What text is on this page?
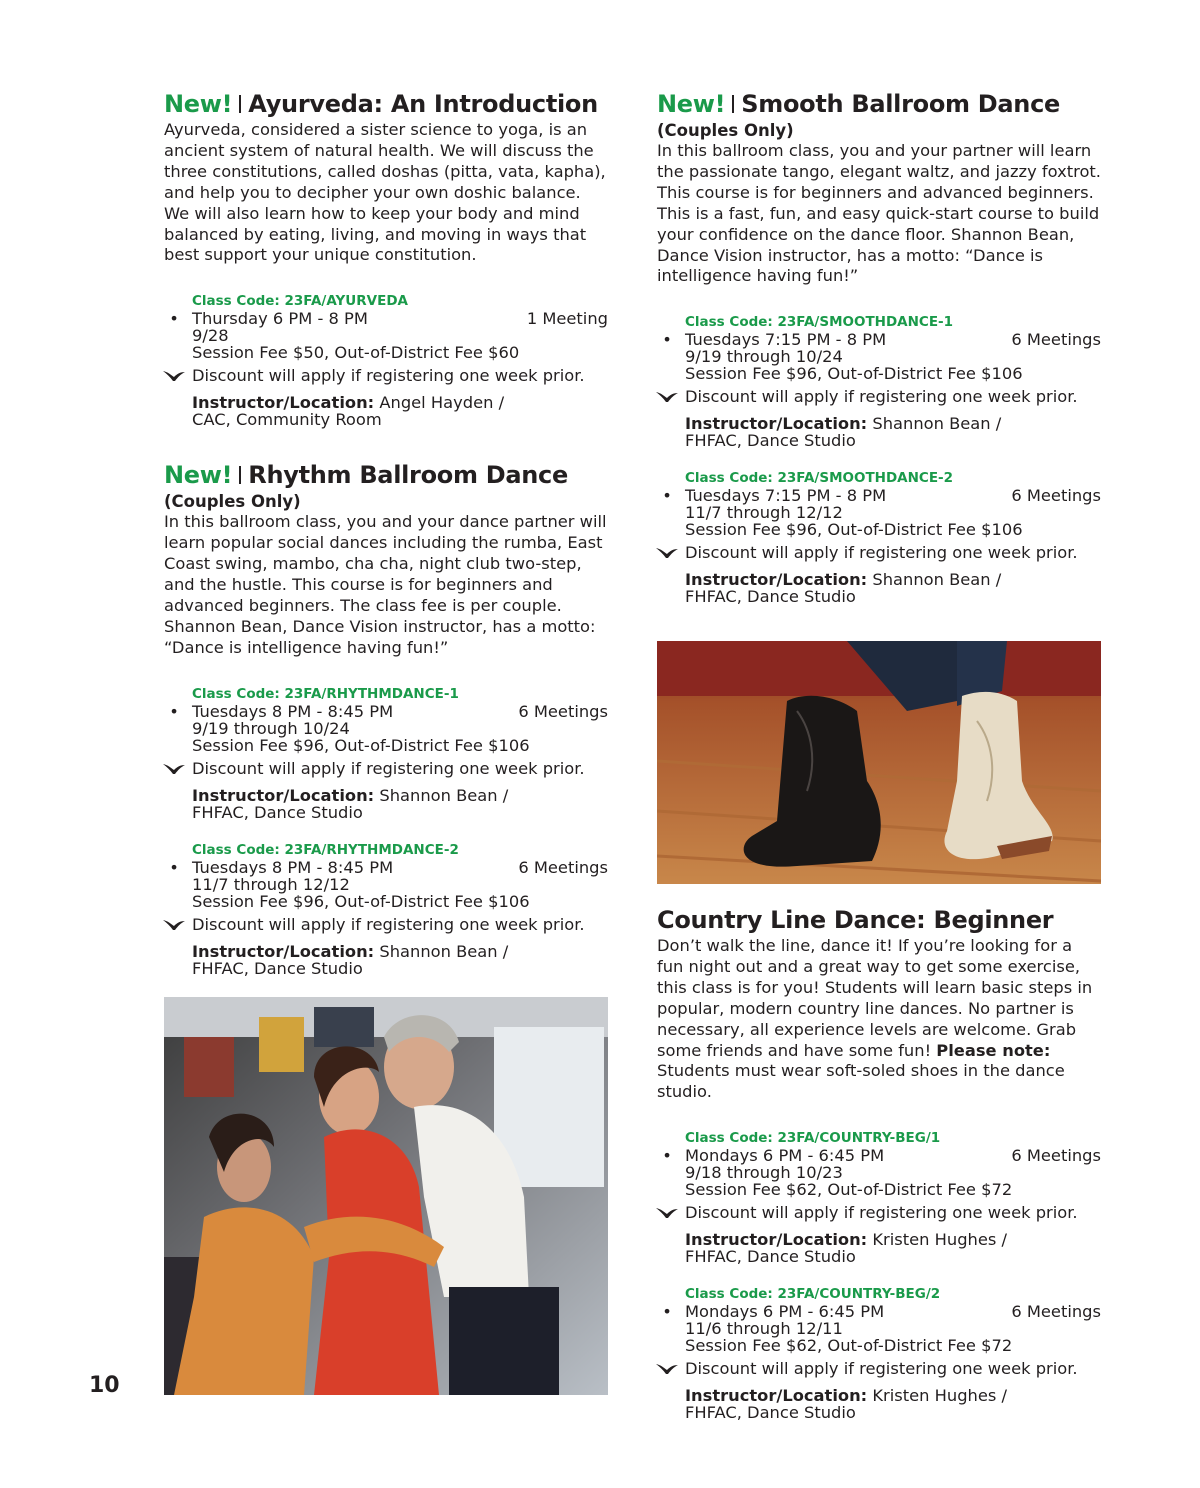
New! Ayurveda: An Introduction

Ayurveda, considered a sister science to yoga, is an ancient system of natural health. We will discuss the three constitutions, called doshas (pitta, vata, kapha), and help you to decipher your own doshic balance. We will also learn how to keep your body and mind balanced by eating, living, and moving in ways that best support your unique constitution.

Class Code: 23FA/AYURVEDA

• Thursday 6 PM - 8 PM	1 Meeting
9/28
Session Fee $50, Out-of-District Fee $60
Discount will apply if registering one week prior.
Instructor/Location: Angel Hayden /
CAC, Community Room
New! Rhythm Ballroom Dance

(Couples Only)

In this ballroom class, you and your dance partner will learn popular social dances including the rumba, East Coast swing, mambo, cha cha, night club two-step, and the hustle. This course is for beginners and advanced beginners. The class fee is per couple. Shannon Bean, Dance Vision instructor, has a motto: “Dance is intelligence having fun!”

Class Code: 23FA/RHYTHMDANCE-1

• Tuesdays 8 PM - 8:45 PM	6 Meetings
9/19 through 10/24
Session Fee $96, Out-of-District Fee $106
Discount will apply if registering one week prior.
Instructor/Location: Shannon Bean /
FHFAC, Dance Studio

Class Code: 23FA/RHYTHMDANCE-2

• Tuesdays 8 PM - 8:45 PM	6 Meetings
11/7 through 12/12
Session Fee $96, Out-of-District Fee $106
Discount will apply if registering one week prior.
Instructor/Location: Shannon Bean /
FHFAC, Dance Studio
New! Smooth Ballroom Dance

(Couples Only)

In this ballroom class, you and your partner will learn the passionate tango, elegant waltz, and jazzy foxtrot. This course is for beginners and advanced beginners. This is a fast, fun, and easy quick-start course to build your confidence on the dance floor. Shannon Bean, Dance Vision instructor, has a motto: “Dance is intelligence having fun!”

Class Code: 23FA/SMOOTHDANCE-1

• Tuesdays 7:15 PM - 8 PM	6 Meetings
9/19 through 10/24
Session Fee $96, Out-of-District Fee $106
Discount will apply if registering one week prior.
Instructor/Location: Shannon Bean /
FHFAC, Dance Studio

Class Code: 23FA/SMOOTHDANCE-2

• Tuesdays 7:15 PM - 8 PM	6 Meetings
11/7 through 12/12
Session Fee $96, Out-of-District Fee $106
Discount will apply if registering one week prior.
Instructor/Location: Shannon Bean /
FHFAC, Dance Studio
Country Line Dance: Beginner

Don’t walk the line, dance it! If you’re looking for a fun night out and a great way to get some exercise, this class is for you! Students will learn basic steps in popular, modern country line dances. No partner is necessary, all experience levels are welcome. Grab some friends and have some fun! Please note: Students must wear soft-soled shoes in the dance studio.

Class Code: 23FA/COUNTRY-BEG/1

• Mondays 6 PM - 6:45 PM	6 Meetings
9/18 through 10/23
Session Fee $62, Out-of-District Fee $72
Discount will apply if registering one week prior.
Instructor/Location: Kristen Hughes /
FHFAC, Dance Studio

Class Code: 23FA/COUNTRY-BEG/2

• Mondays 6 PM - 6:45 PM	6 Meetings
11/6 through 12/11
Session Fee $62, Out-of-District Fee $72
Discount will apply if registering one week prior.
Instructor/Location: Kristen Hughes /
FHFAC, Dance Studio
10
